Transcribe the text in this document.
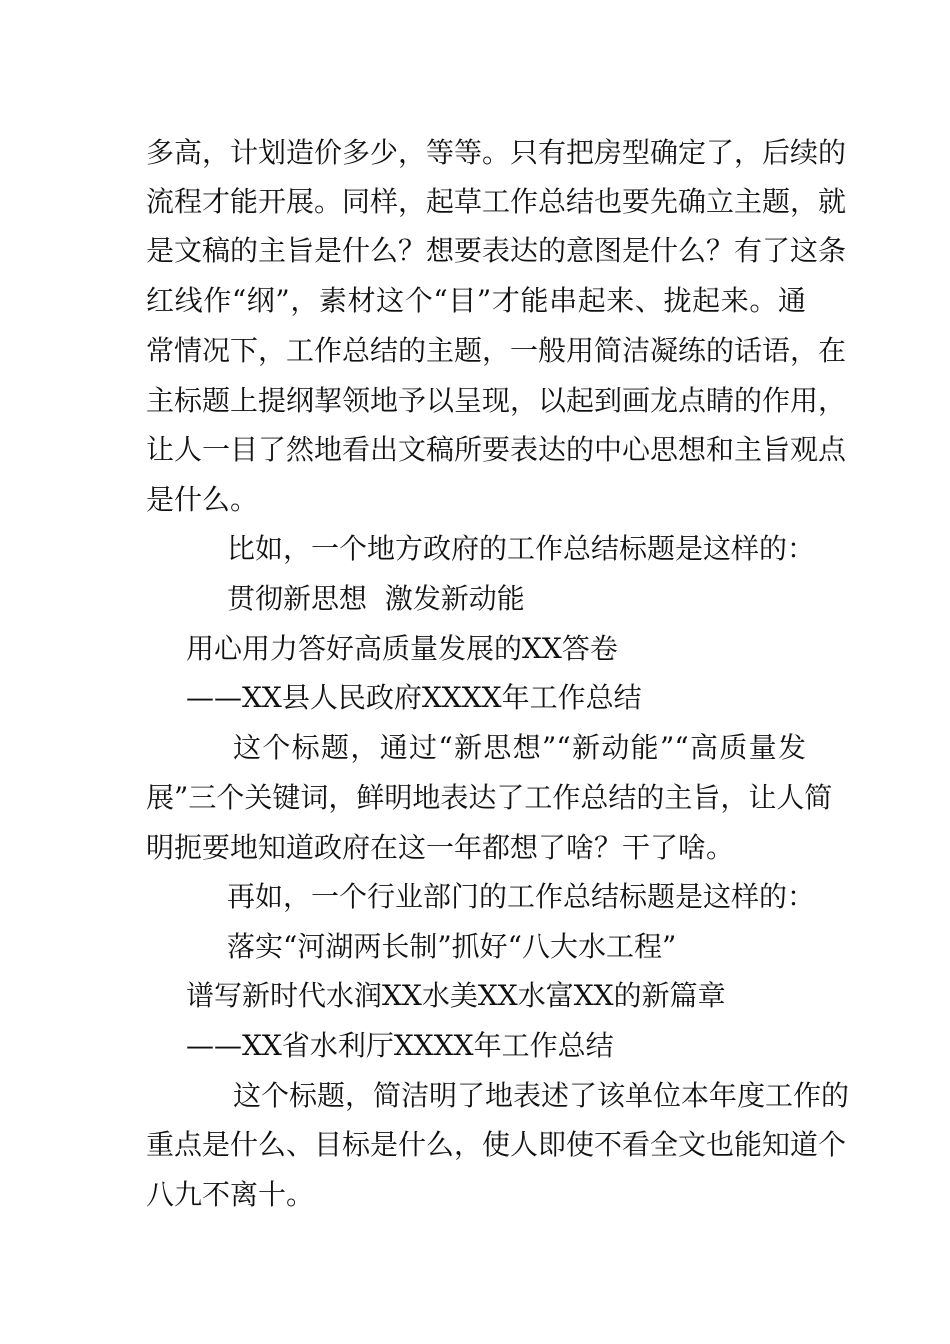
多高，计划造价多少，等等。只有把房型确定了，后续的
流程才能开展。同样，起草工作总结也要先确立主题，就
是文稿的主旨是什么？想要表达的意图是什么？有了这条
红线作“纲”，素材这个“目”才能串起来、拢起来。通
常情况下，工作总结的主题，一般用简洁凝练的话语，在
主标题上提纲挈领地予以呈现，以起到画龙点睛的作用，
让人一目了然地看出文稿所要表达的中心思想和主旨观点
是什么。
比如，一个地方政府的工作总结标题是这样的：
贯彻新思想  激发新动能
用心用力答好高质量发展的XX答卷
——XX县人民政府XXXX年工作总结
这个标题，通过“新思想”“新动能”“高质量发
展”三个关键词，鲜明地表达了工作总结的主旨，让人简
明扼要地知道政府在这一年都想了啥？干了啥。
再如，一个行业部门的工作总结标题是这样的：
落实“河湖两长制”抓好“八大水工程”
谱写新时代水润XX水美XX水富XX的新篇章
——XX省水利厅XXXX年工作总结
这个标题，简洁明了地表述了该单位本年度工作的
重点是什么、目标是什么，使人即使不看全文也能知道个
八九不离十。
